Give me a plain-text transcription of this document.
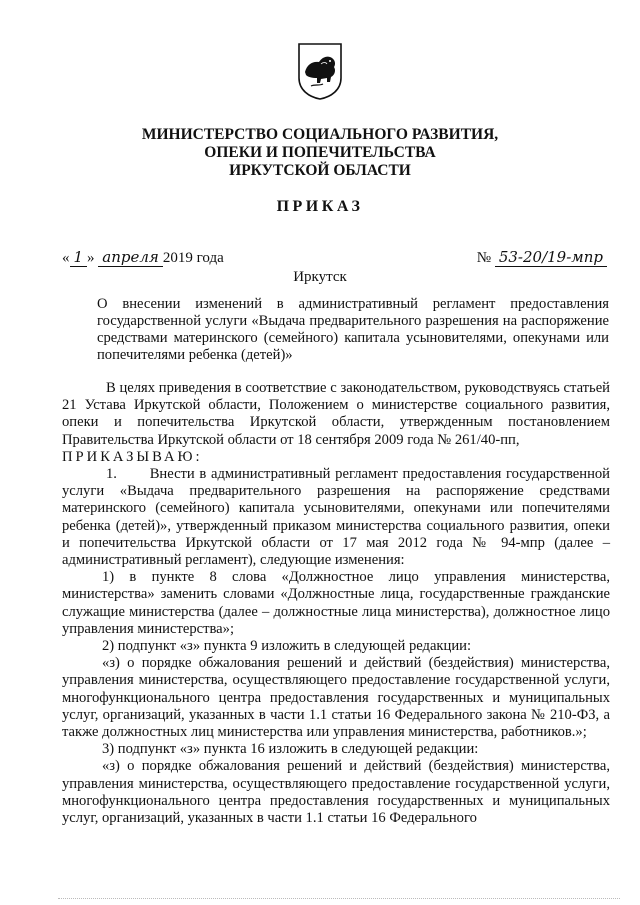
МИНИСТЕРСТВО СОЦИАЛЬНОГО РАЗВИТИЯ,
ОПЕКИ И ПОПЕЧИТЕЛЬСТВА
ИРКУТСКОЙ ОБЛАСТИ
ПРИКАЗ
« 1 » апреля 2019 года	№ 53-20/19-мпр
Иркутск
О внесении изменений в административный регламент предоставления государственной услуги «Выдача предварительного разрешения на распоряжение средствами материнского (семейного) капитала усыновителями, опекунами или попечителями ребенка (детей)»

В целях приведения в соответствие с законодательством, руководствуясь статьей 21 Устава Иркутской области, Положением о министерстве социального развития, опеки и попечительства Иркутской области, утвержденным постановлением Правительства Иркутской области от 18 сентября 2009 года № 261/40-пп,

ПРИКАЗЫВАЮ:

1.       Внести в административный регламент предоставления государственной услуги «Выдача предварительного разрешения на распоряжение средствами материнского (семейного) капитала усыновителями, опекунами или попечителями ребенка (детей)», утвержденный приказом министерства социального развития, опеки и попечительства Иркутской области от 17 мая 2012 года № 94-мпр (далее – административный регламент), следующие изменения:

1) в пункте 8 слова «Должностное лицо управления министерства, министерства» заменить словами «Должностные лица, государственные гражданские служащие министерства (далее – должностные лица министерства), должностное лицо управления министерства»;

2) подпункт «з» пункта 9 изложить в следующей редакции:

«з) о порядке обжалования решений и действий (бездействия) министерства, управления министерства, осуществляющего предоставление государственной услуги, многофункционального центра предоставления государственных и муниципальных услуг, организаций, указанных в части 1.1 статьи 16 Федерального закона № 210-ФЗ, а также должностных лиц министерства или управления министерства, работников.»;

3) подпункт «з» пункта 16 изложить в следующей редакции:

«з) о порядке обжалования решений и действий (бездействия) министерства, управления министерства, осуществляющего предоставление государственной услуги, многофункционального центра предоставления государственных и муниципальных услуг, организаций, указанных в части 1.1 статьи 16 Федерального
